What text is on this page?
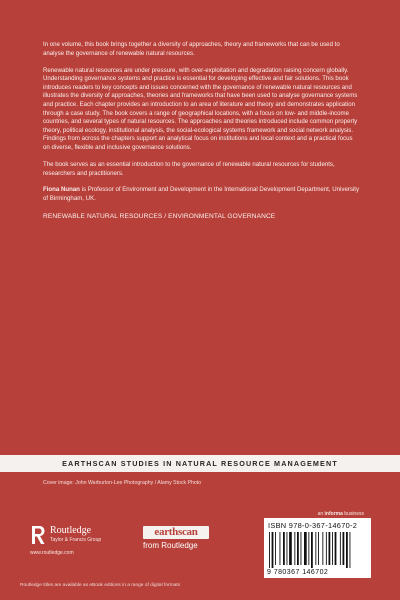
In one volume, this book brings together a diversity of approaches, theory and frameworks that can be used to analyse the governance of renewable natural resources.

Renewable natural resources are under pressure, with over-exploitation and degradation raising concern globally. Understanding governance systems and practice is essential for developing effective and fair solutions. This book introduces readers to key concepts and issues concerned with the governance of renewable natural resources and illustrates the diversity of approaches, theories and frameworks that have been used to analyse governance systems and practice. Each chapter provides an introduction to an area of literature and theory and demonstrates application through a case study. The book covers a range of geographical locations, with a focus on low- and middle-income countries, and several types of natural resources. The approaches and theories introduced include common property theory, political ecology, institutional analysis, the social-ecological systems framework and social network analysis. Findings from across the chapters support an analytical focus on institutions and local context and a practical focus on diverse, flexible and inclusive governance solutions.

The book serves as an essential introduction to the governance of renewable natural resources for students, researchers and practitioners.

Fiona Nunan is Professor of Environment and Development in the International Development Department, University of Birmingham, UK.

RENEWABLE NATURAL RESOURCES / ENVIRONMENTAL GOVERNANCE

EARTHSCAN STUDIES IN NATURAL RESOURCE MANAGEMENT
Cover image: John Warburton-Lee Photography / Alamy Stock Photo
an informa business
Routledge
Taylor & Francis Group
www.routledge.com
earthscan
from Routledge
ISBN 978-0-367-14670-2
9 780367 146702
Routledge titles are available as eBook editions in a range of digital formats
